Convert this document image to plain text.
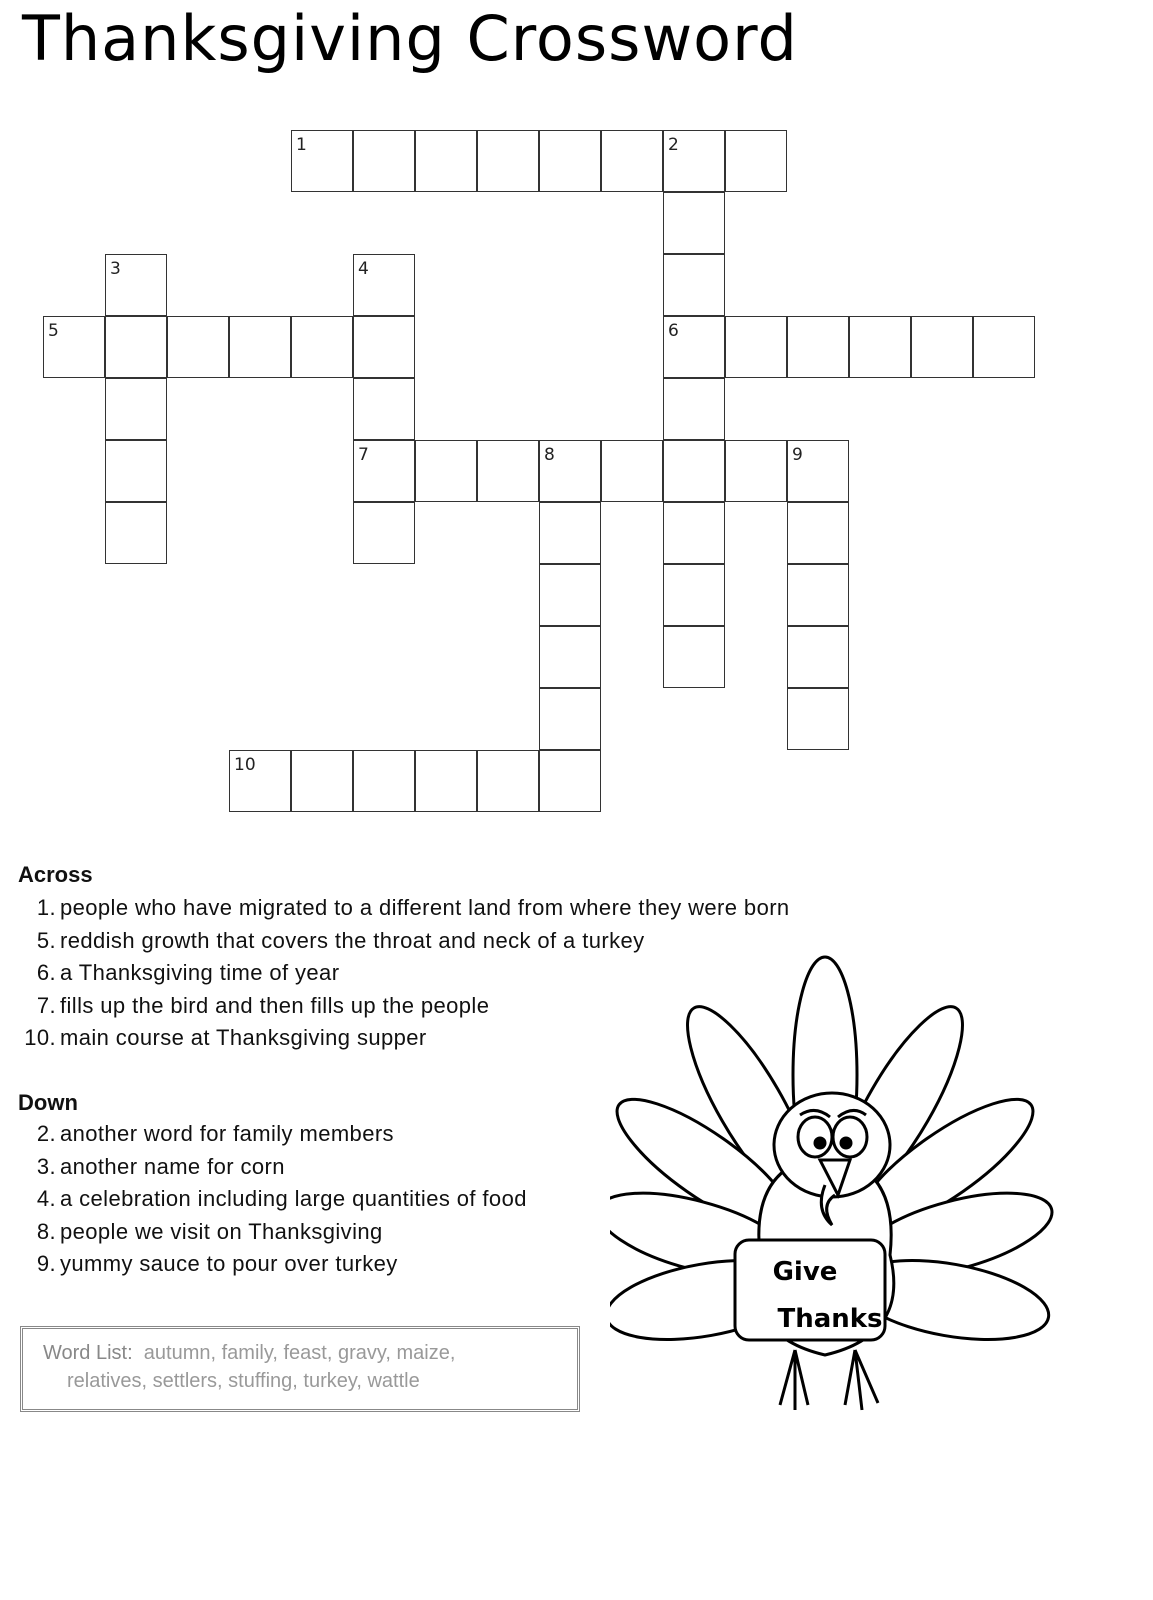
Thanksgiving Crossword
1	2
6
3	4
7
5
8	9
10
Across
1. people who have migrated to a different land from where they were born
5. reddish growth that covers the throat and neck of a turkey
6. a Thanksgiving time of year
7. fills up the bird and then fills up the people
10. main course at Thanksgiving supper
Down
2. another word for family members
3. another name for corn
4. a celebration including large quantities of food
8. people we visit on Thanksgiving
9. yummy sauce to pour over turkey
Word List: autumn, family, feast, gravy, maize,
relatives, settlers, stuffing, turkey, wattle
Give
Thanks
